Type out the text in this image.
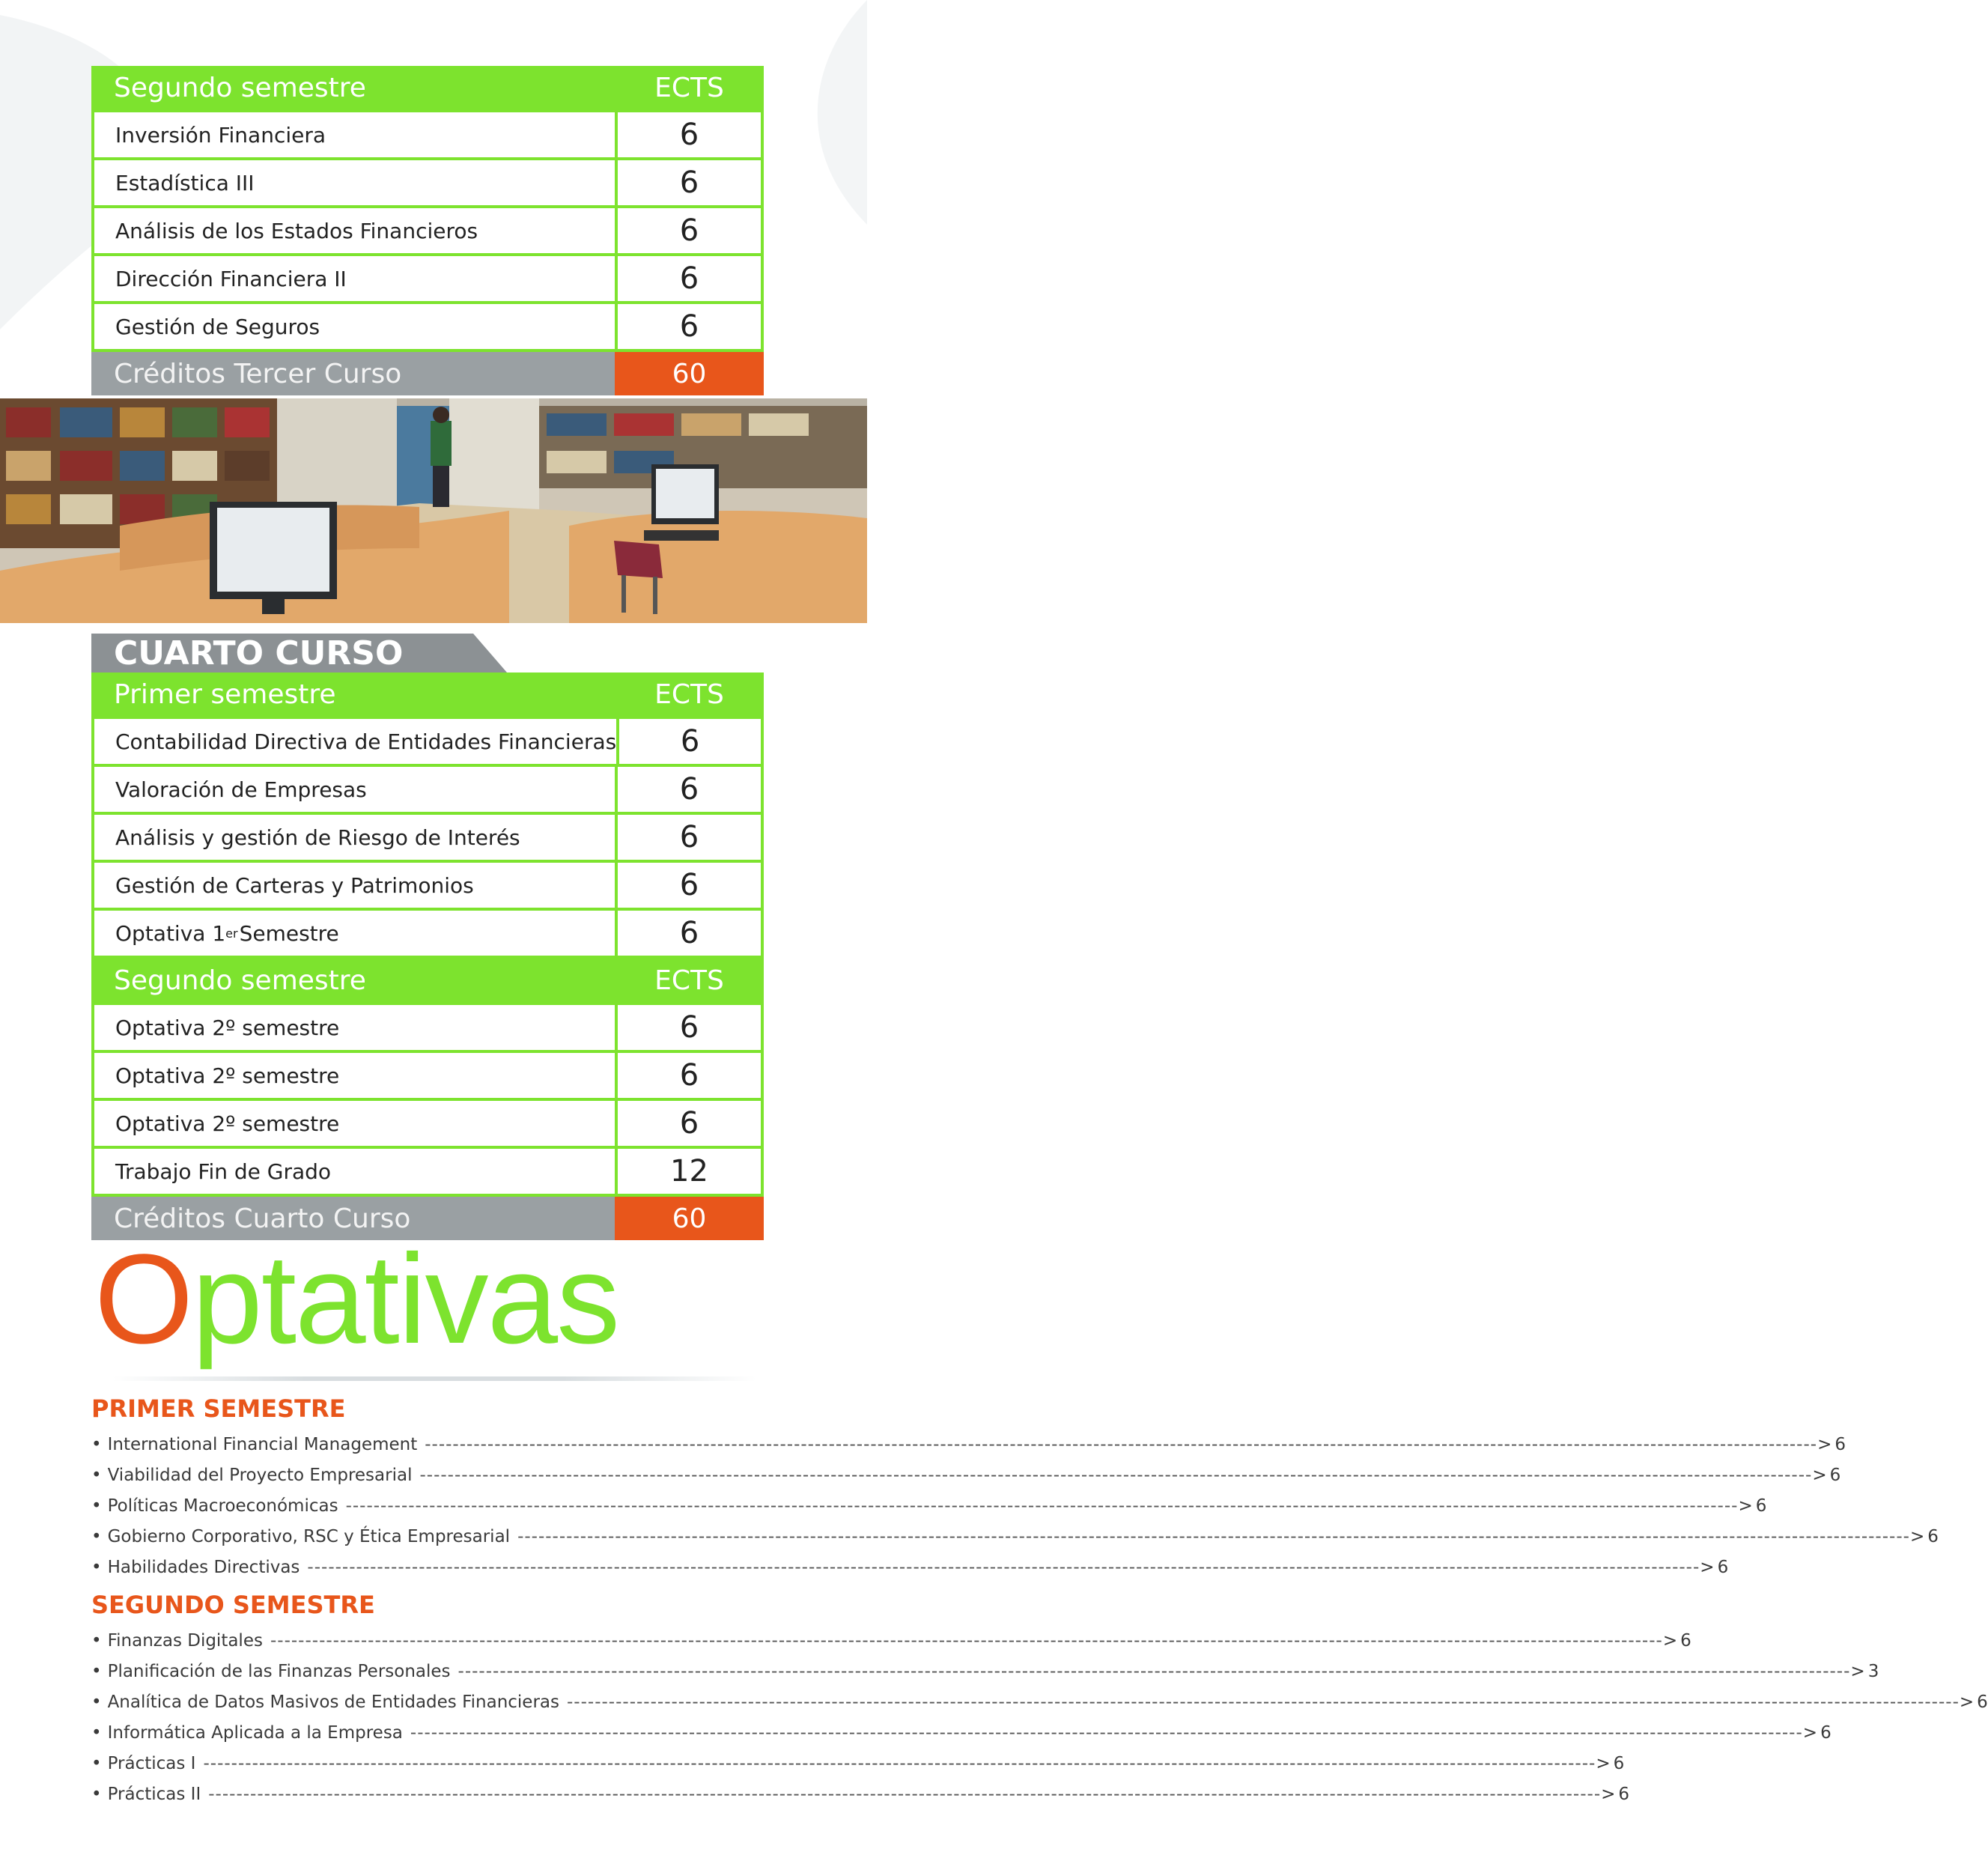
Segundo semestre	ECTS
Inversión Financiera	6
Estadística III	6
Análisis de los Estados Financieros	6
Dirección Financiera II	6
Gestión de Seguros	6
Créditos Tercer Curso	60
CUARTO CURSO
Primer semestre	ECTS
Contabilidad Directiva de Entidades Financieras	6
Valoración de Empresas	6
Análisis y gestión de Riesgo de Interés	6
Gestión de Carteras y Patrimonios	6
Optativa 1 er Semestre	6
Segundo semestre	ECTS
Optativa 2º semestre	6
Optativa 2º semestre	6
Optativa 2º semestre	6
Trabajo Fin de Grado	12
Créditos Cuarto Curso	60
Optativas
PRIMER SEMESTRE
• International Financial Management -------------------------------------------------------------------------------------------------------------------------------------------------------------------------------------------------------- > 6
• Viabilidad del Proyecto Empresarial -------------------------------------------------------------------------------------------------------------------------------------------------------------------------------------------------------- > 6
• Políticas Macroeconómicas -------------------------------------------------------------------------------------------------------------------------------------------------------------------------------------------------------- > 6
• Gobierno Corporativo, RSC y Ética Empresarial -------------------------------------------------------------------------------------------------------------------------------------------------------------------------------------------------------- > 6
• Habilidades Directivas -------------------------------------------------------------------------------------------------------------------------------------------------------------------------------------------------------- > 6
SEGUNDO SEMESTRE
• Finanzas Digitales -------------------------------------------------------------------------------------------------------------------------------------------------------------------------------------------------------- > 6
• Planificación de las Finanzas Personales -------------------------------------------------------------------------------------------------------------------------------------------------------------------------------------------------------- > 3
• Analítica de Datos Masivos de Entidades Financieras -------------------------------------------------------------------------------------------------------------------------------------------------------------------------------------------------------- > 6
• Informática Aplicada a la Empresa -------------------------------------------------------------------------------------------------------------------------------------------------------------------------------------------------------- > 6
• Prácticas I -------------------------------------------------------------------------------------------------------------------------------------------------------------------------------------------------------- > 6
• Prácticas II -------------------------------------------------------------------------------------------------------------------------------------------------------------------------------------------------------- > 6
